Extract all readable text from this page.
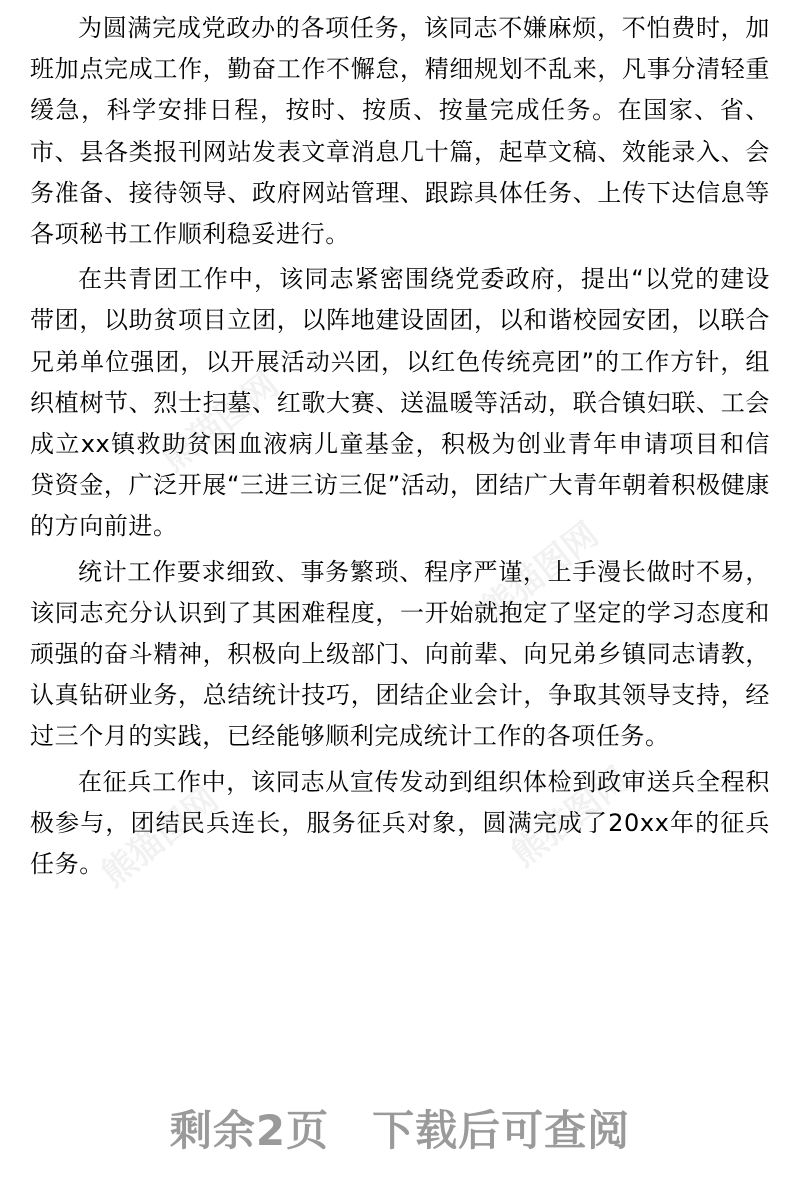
熊猫图网
熊猫图网
熊猫图网	熊猫图网

为圆满完成党政办的各项任务，该同志不嫌麻烦，不怕费时，加班加点完成工作，勤奋工作不懈怠，精细规划不乱来，凡事分清轻重缓急，科学安排日程，按时、按质、按量完成任务。在国家、省、市、县各类报刊网站发表文章消息几十篇，起草文稿、效能录入、会务准备、接待领导、政府网站管理、跟踪具体任务、上传下达信息等各项秘书工作顺利稳妥进行。

在共青团工作中，该同志紧密围绕党委政府，提出“以党的建设带团，以助贫项目立团，以阵地建设固团，以和谐校园安团，以联合兄弟单位强团，以开展活动兴团，以红色传统亮团”的工作方针，组织植树节、烈士扫墓、红歌大赛、送温暖等活动，联合镇妇联、工会成立xx镇救助贫困血液病儿童基金，积极为创业青年申请项目和信贷资金，广泛开展“三进三访三促”活动，团结广大青年朝着积极健康的方向前进。

统计工作要求细致、事务繁琐、程序严谨，上手漫长做时不易，该同志充分认识到了其困难程度，一开始就抱定了坚定的学习态度和顽强的奋斗精神，积极向上级部门、向前辈、向兄弟乡镇同志请教，认真钻研业务，总结统计技巧，团结企业会计，争取其领导支持，经过三个月的实践，已经能够顺利完成统计工作的各项任务。

在征兵工作中，该同志从宣传发动到组织体检到政审送兵全程积极参与，团结民兵连长，服务征兵对象，圆满完成了20xx年的征兵任务。

剩余2页　下载后可查阅
